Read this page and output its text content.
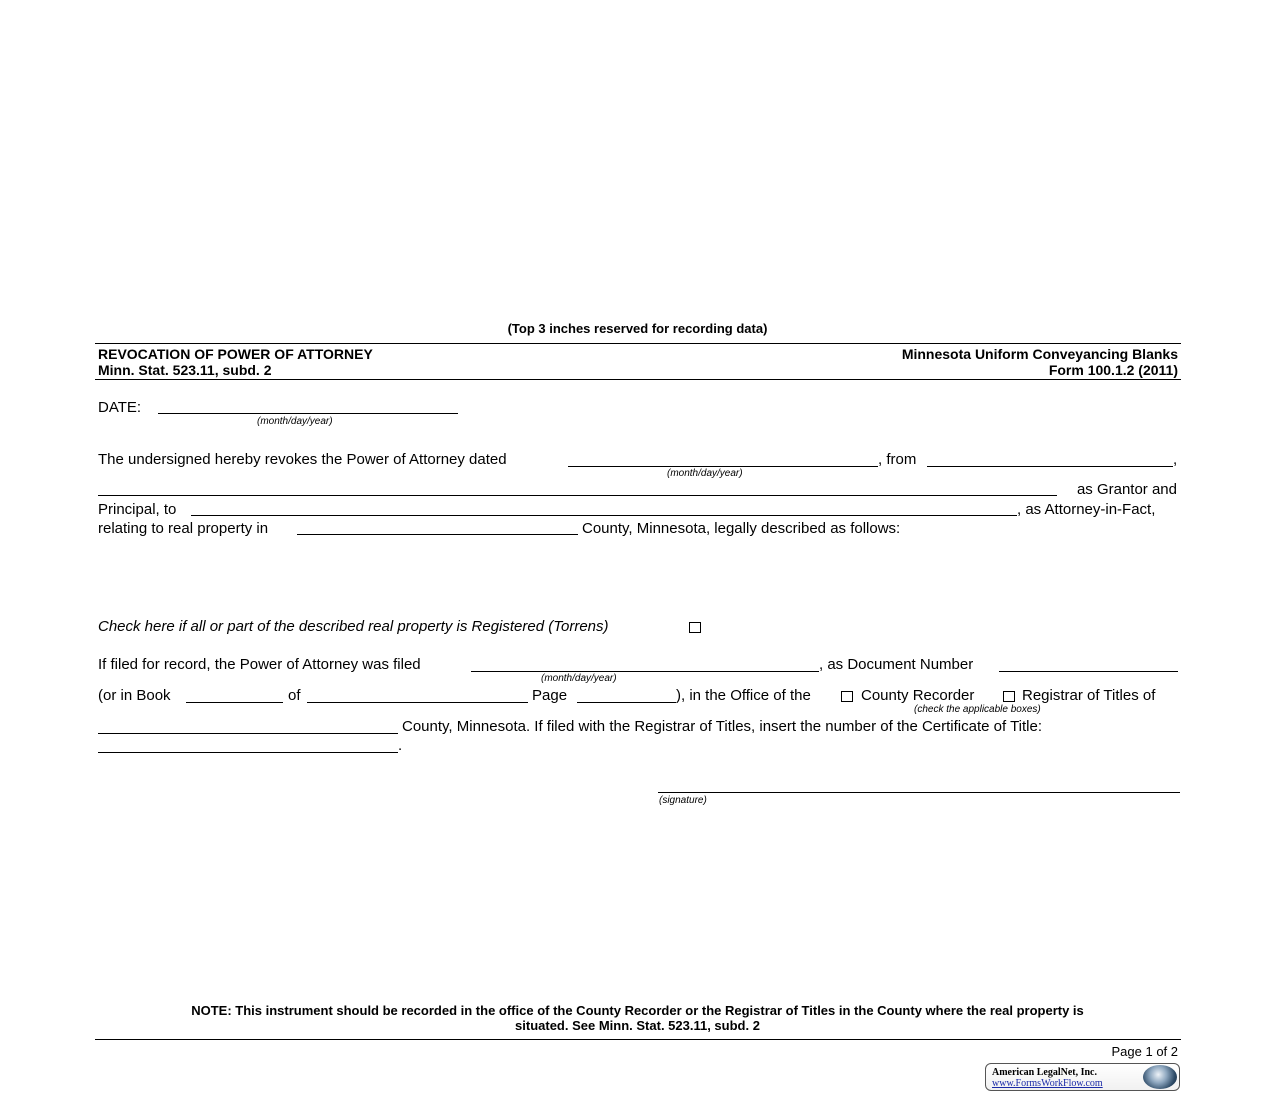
(Top 3 inches reserved for recording data)
REVOCATION OF POWER OF ATTORNEY
Minn. Stat. 523.11, subd. 2
Minnesota Uniform Conveyancing Blanks
Form 100.1.2 (2011)
DATE:
(month/day/year)
The undersigned hereby revokes the Power of Attorney dated	, from	,
(month/day/year)
as Grantor and
Principal, to	, as Attorney-in-Fact,
relating to real property in	County, Minnesota, legally described as follows:
Check here if all or part of the described real property is Registered (Torrens)
If filed for record, the Power of Attorney was filed	, as Document Number
(month/day/year)
(or in Book	of	Page	), in the Office of the	County Recorder	Registrar of Titles of
(check the applicable boxes)
County, Minnesota. If filed with the Registrar of Titles, insert the number of the Certificate of Title:
.
(signature)
NOTE: This instrument should be recorded in the office of the County Recorder or the Registrar of Titles in the County where the real property is
situated. See Minn. Stat. 523.11, subd. 2
Page 1 of 2
American LegalNet, Inc.
www.FormsWorkFlow.com
